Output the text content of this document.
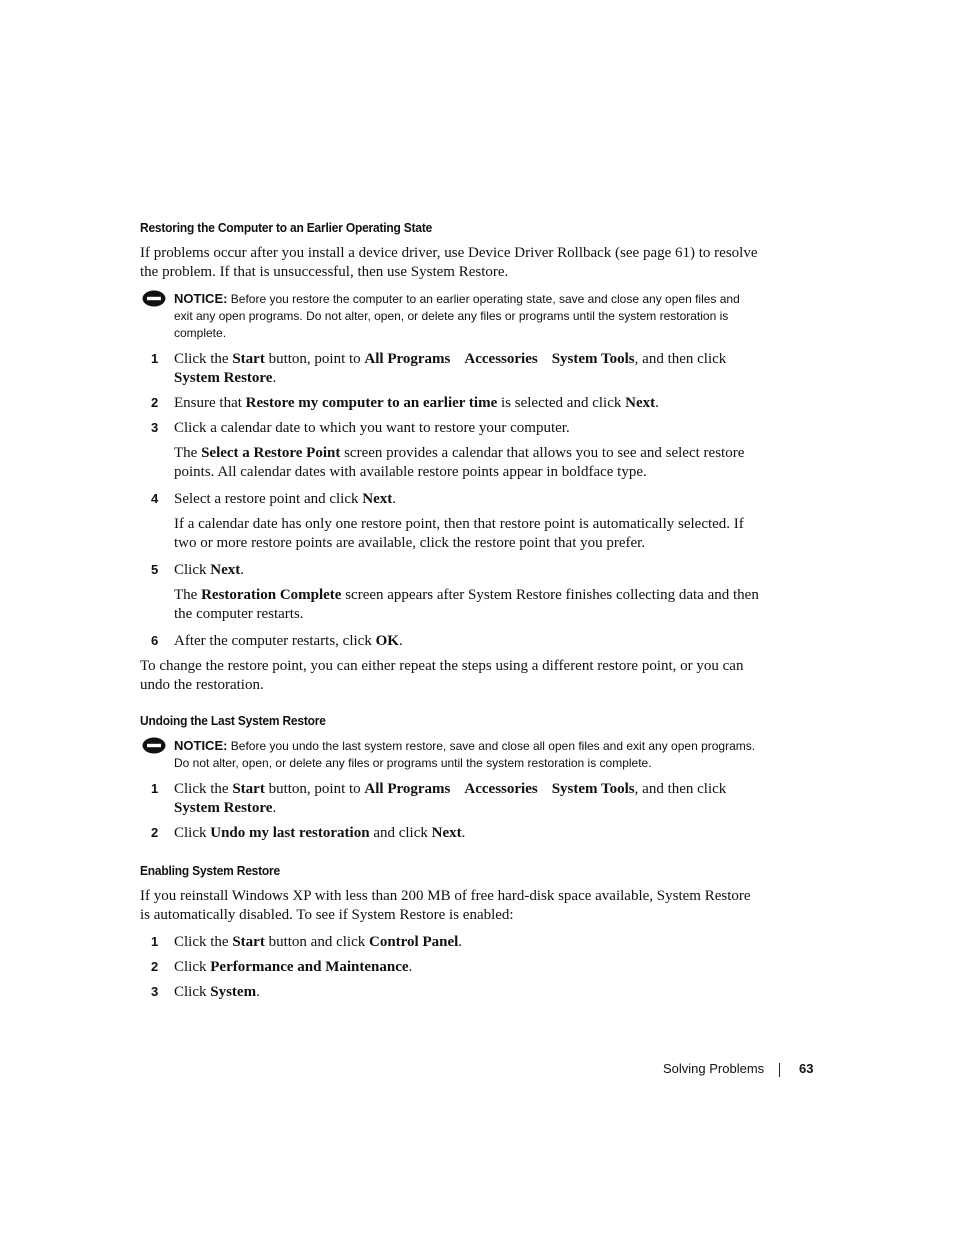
Restoring the Computer to an Earlier Operating State

If problems occur after you install a device driver, use Device Driver Rollback (see page 61) to resolve the problem. If that is unsuccessful, then use System Restore.

NOTICE: Before you restore the computer to an earlier operating state, save and close any open files and exit any open programs. Do not alter, open, or delete any files or programs until the system restoration is complete.
1 Click the Start button, point to All Programs Accessories System Tools, and then click System Restore.
2 Ensure that Restore my computer to an earlier time is selected and click Next.
3 Click a calendar date to which you want to restore your computer.
The Select a Restore Point screen provides a calendar that allows you to see and select restore points. All calendar dates with available restore points appear in boldface type.
4 Select a restore point and click Next.
If a calendar date has only one restore point, then that restore point is automatically selected. If two or more restore points are available, click the restore point that you prefer.
5 Click Next.
The Restoration Complete screen appears after System Restore finishes collecting data and then the computer restarts.
6 After the computer restarts, click OK.

To change the restore point, you can either repeat the steps using a different restore point, or you can undo the restoration.

Undoing the Last System Restore
NOTICE: Before you undo the last system restore, save and close all open files and exit any open programs. Do not alter, open, or delete any files or programs until the system restoration is complete.
1 Click the Start button, point to All Programs Accessories System Tools, and then click System Restore.
2 Click Undo my last restoration and click Next.
Enabling System Restore

If you reinstall Windows XP with less than 200 MB of free hard-disk space available, System Restore is automatically disabled. To see if System Restore is enabled:

1 Click the Start button and click Control Panel.
2 Click Performance and Maintenance.
3 Click System.
Solving Problems	63
